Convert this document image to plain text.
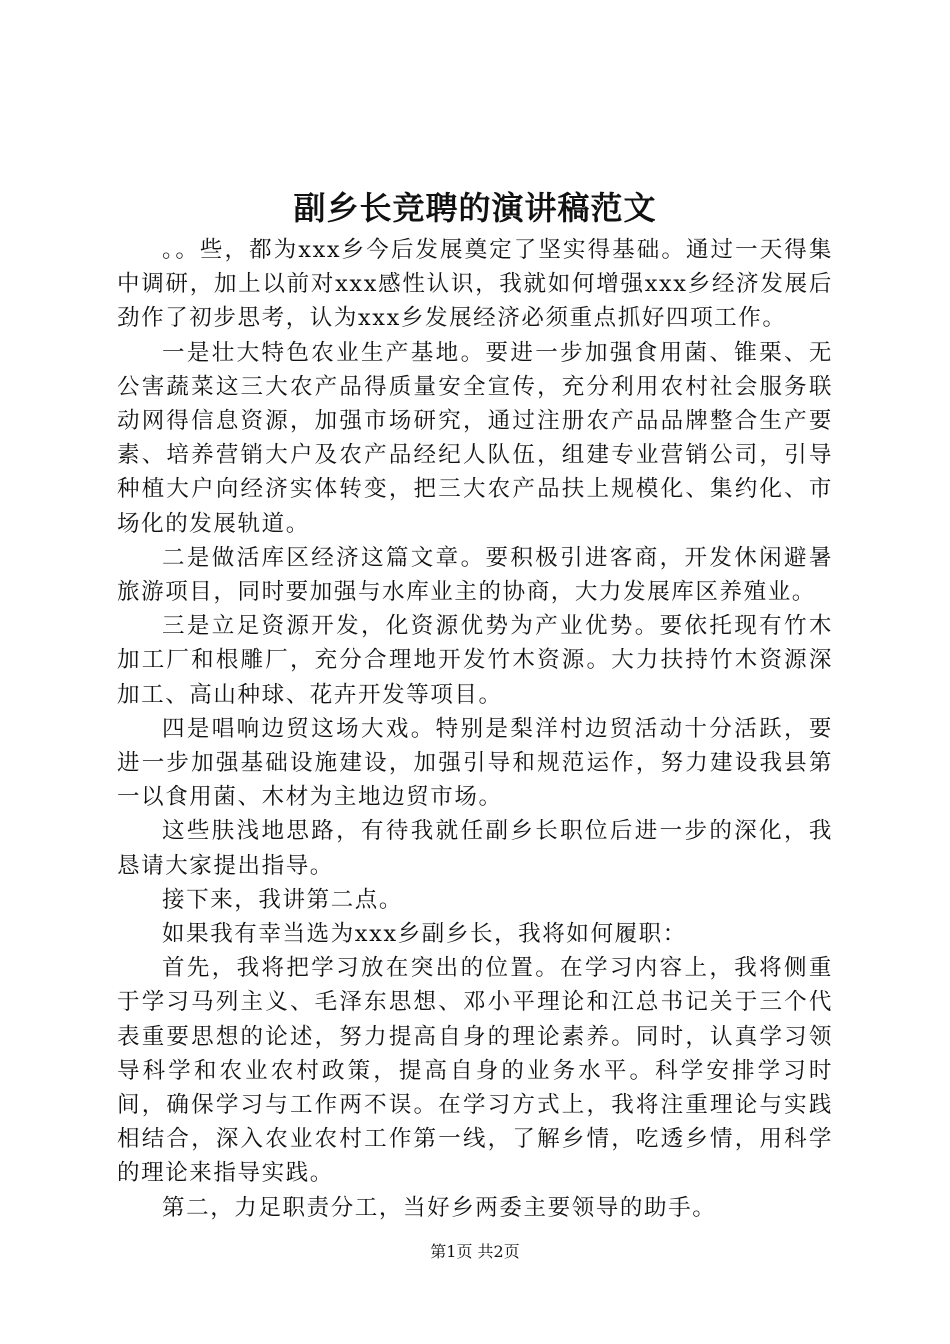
副乡长竞聘的演讲稿范文

。。些，都为xxx乡今后发展奠定了坚实得基础。通过一天得集中调研，加上以前对xxx感性认识，我就如何增强xxx乡经济发展后劲作了初步思考，认为xxx乡发展经济必须重点抓好四项工作。

一是壮大特色农业生产基地。要进一步加强食用菌、锥栗、无公害蔬菜这三大农产品得质量安全宣传，充分利用农村社会服务联动网得信息资源，加强市场研究，通过注册农产品品牌整合生产要素、培养营销大户及农产品经纪人队伍，组建专业营销公司，引导种植大户向经济实体转变，把三大农产品扶上规模化、集约化、市场化的发展轨道。

二是做活库区经济这篇文章。要积极引进客商，开发休闲避暑旅游项目，同时要加强与水库业主的协商，大力发展库区养殖业。

三是立足资源开发，化资源优势为产业优势。要依托现有竹木加工厂和根雕厂，充分合理地开发竹木资源。大力扶持竹木资源深加工、高山种球、花卉开发等项目。

四是唱响边贸这场大戏。特别是梨洋村边贸活动十分活跃，要进一步加强基础设施建设，加强引导和规范运作，努力建设我县第一以食用菌、木材为主地边贸市场。

这些肤浅地思路，有待我就任副乡长职位后进一步的深化，我恳请大家提出指导。

接下来，我讲第二点。

如果我有幸当选为xxx乡副乡长，我将如何履职：

首先，我将把学习放在突出的位置。在学习内容上，我将侧重于学习马列主义、毛泽东思想、邓小平理论和江总书记关于三个代表重要思想的论述，努力提高自身的理论素养。同时，认真学习领导科学和农业农村政策，提高自身的业务水平。科学安排学习时间，确保学习与工作两不误。在学习方式上，我将注重理论与实践相结合，深入农业农村工作第一线，了解乡情，吃透乡情，用科学的理论来指导实践。

第二，力足职责分工，当好乡两委主要领导的助手。

第1页 共2页
